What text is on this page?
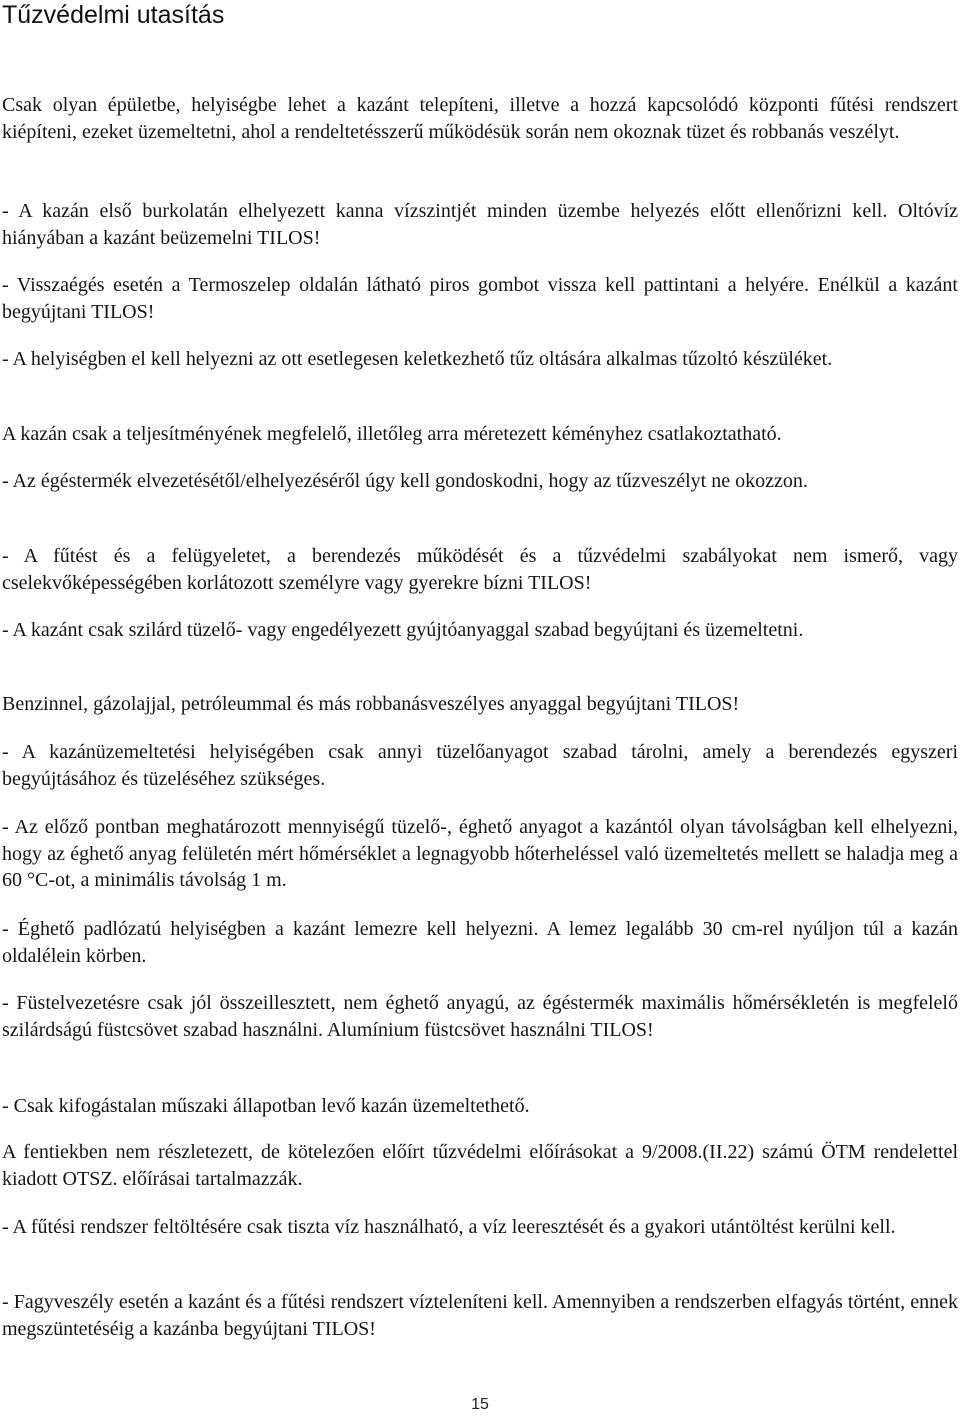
Tűzvédelmi utasítás

Csak olyan épületbe, helyiségbe lehet a kazánt telepíteni, illetve a hozzá kapcsolódó központi fűtési rendszert kiépíteni, ezeket üzemeltetni, ahol a rendeltetésszerű működésük során nem okoznak tüzet és robbanás veszélyt.

- A kazán első burkolatán elhelyezett kanna vízszintjét minden üzembe helyezés előtt ellenőrizni kell. Oltóvíz hiányában a kazánt beüzemelni TILOS!

- Visszaégés esetén a Termoszelep oldalán látható piros gombot vissza kell pattintani a helyére. Enélkül a kazánt begyújtani TILOS!

- A helyiségben el kell helyezni az ott esetlegesen keletkezhető tűz oltására alkalmas tűzoltó készüléket.

A kazán csak a teljesítményének megfelelő, illetőleg arra méretezett kéményhez csatlakoztatható.

- Az égéstermék elvezetésétől/elhelyezéséről úgy kell gondoskodni, hogy az tűzveszélyt ne okozzon.

- A fűtést és a felügyeletet, a berendezés működését és a tűzvédelmi szabályokat nem ismerő, vagy cselekvőképességében korlátozott személyre vagy gyerekre bízni TILOS!

- A kazánt csak szilárd tüzelő- vagy engedélyezett gyújtóanyaggal szabad begyújtani és üzemeltetni.

Benzinnel, gázolajjal, petróleummal és más robbanásveszélyes anyaggal begyújtani TILOS!

- A kazánüzemeltetési helyiségében csak annyi tüzelőanyagot szabad tárolni, amely a berendezés egyszeri begyújtásához és tüzeléséhez szükséges.

- Az előző pontban meghatározott mennyiségű tüzelő-, éghető anyagot a kazántól olyan távolságban kell elhelyezni, hogy az éghető anyag felületén mért hőmérséklet a legnagyobb hőterheléssel való üzemeltetés mellett se haladja meg a 60 °C-ot, a minimális távolság 1 m.

- Éghető padlózatú helyiségben a kazánt lemezre kell helyezni. A lemez legalább 30 cm-rel nyúljon túl a kazán oldalélein körben.

- Füstelvezetésre csak jól összeillesztett, nem éghető anyagú, az égéstermék maximális hőmérsékletén is megfelelő szilárdságú füstcsövet szabad használni. Alumínium füstcsövet használni TILOS!

- Csak kifogástalan műszaki állapotban levő kazán üzemeltethető.

A fentiekben nem részletezett, de kötelezően előírt tűzvédelmi előírásokat a 9/2008.(II.22) számú ÖTM rendelettel kiadott OTSZ. előírásai tartalmazzák.

- A fűtési rendszer feltöltésére csak tiszta víz használható, a víz leeresztését és a gyakori utántöltést kerülni kell.

- Fagyveszély esetén a kazánt és a fűtési rendszert vízteleníteni kell. Amennyiben a rendszerben elfagyás történt, ennek megszüntetéséig a kazánba begyújtani TILOS!

15
